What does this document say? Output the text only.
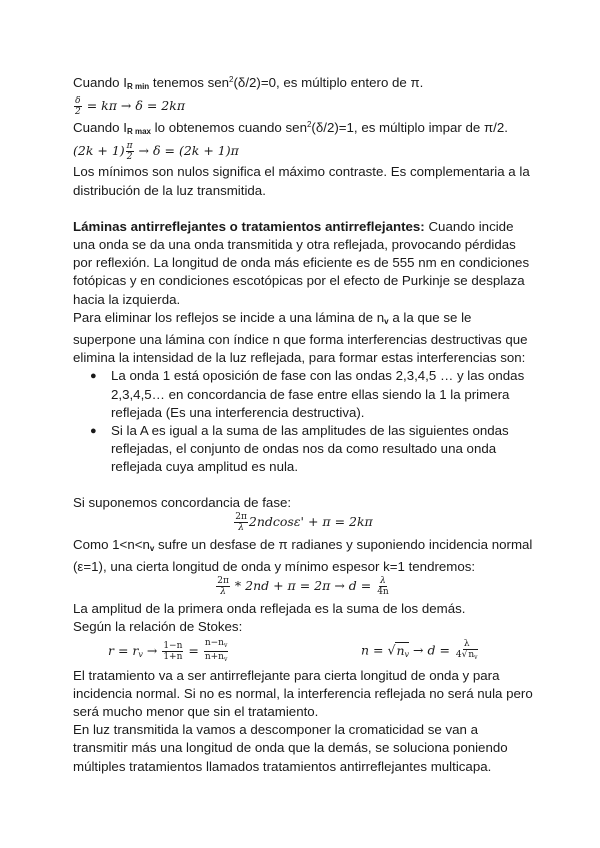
Cuando $I_{R min}$ tenemos sen$^2$(δ/2)=0, es múltiplo entero de π.

$\frac{\delta}{2} = k\pi \to \delta = 2k\pi$

Cuando $I_{R max}$ lo obtenemos cuando sen$^2$(δ/2)=1, es múltiplo impar de π/2.

$(2k + 1) \frac{\pi}{2} \to \delta = (2k + 1)\pi$

Los mínimos son nulos significa el máximo contraste. Es complementaria a la distribución de la luz transmitida.

Láminas antirreflejantes o tratamientos antirreflejantes: Cuando incide una onda se da una onda transmitida y otra reflejada, provocando pérdidas por reflexión. La longitud de onda más eficiente es de 555 nm en condiciones fotópicas y en condiciones escotópicas por el efecto de Purkinje se desplaza hacia la izquierda.

Para eliminar los reflejos se incide a una lámina de $n_v$ a la que se le superpone una lámina con índice n que forma interferencias destructivas que elimina la intensidad de la luz reflejada, para formar estas interferencias son:

● La onda 1 está oposición de fase con las ondas 2,3,4,5 … y las ondas 2,3,4,5… en concordancia de fase entre ellas siendo la 1 la primera reflejada (Es una interferencia destructiva).
● Si la A es igual a la suma de las amplitudes de las siguientes ondas reflejadas, el conjunto de ondas nos da como resultado una onda reflejada cuya amplitud es nula.

Si suponemos concordancia de fase:

$\frac{2\pi}{\lambda} 2ndcos\varepsilon' + \pi = 2k\pi$

Como $1<n<n_v$ sufre un desfase de π radianes y suponiendo incidencia normal (ε=1), una cierta longitud de onda y mínimo espesor k=1 tendremos:

$\frac{2\pi}{\lambda} * 2nd + \pi = 2\pi \to d = \frac{\lambda}{4n}$

La amplitud de la primera onda reflejada es la suma de los demás.

Según la relación de Stokes:

$r = r_v \to \frac{1-n}{1+n} = \frac{n-n_v}{n+n_v}$	$n = √n_v \to d = \frac{\lambda}{4√n_v}$

El tratamiento va a ser antirreflejante para cierta longitud de onda y para incidencia normal. Si no es normal, la interferencia reflejada no será nula pero será mucho menor que sin el tratamiento.

En luz transmitida la vamos a descomponer la cromaticidad se van a transmitir más una longitud de onda que la demás, se soluciona poniendo múltiples tratamientos llamados tratamientos antirreflejantes multicapa.
